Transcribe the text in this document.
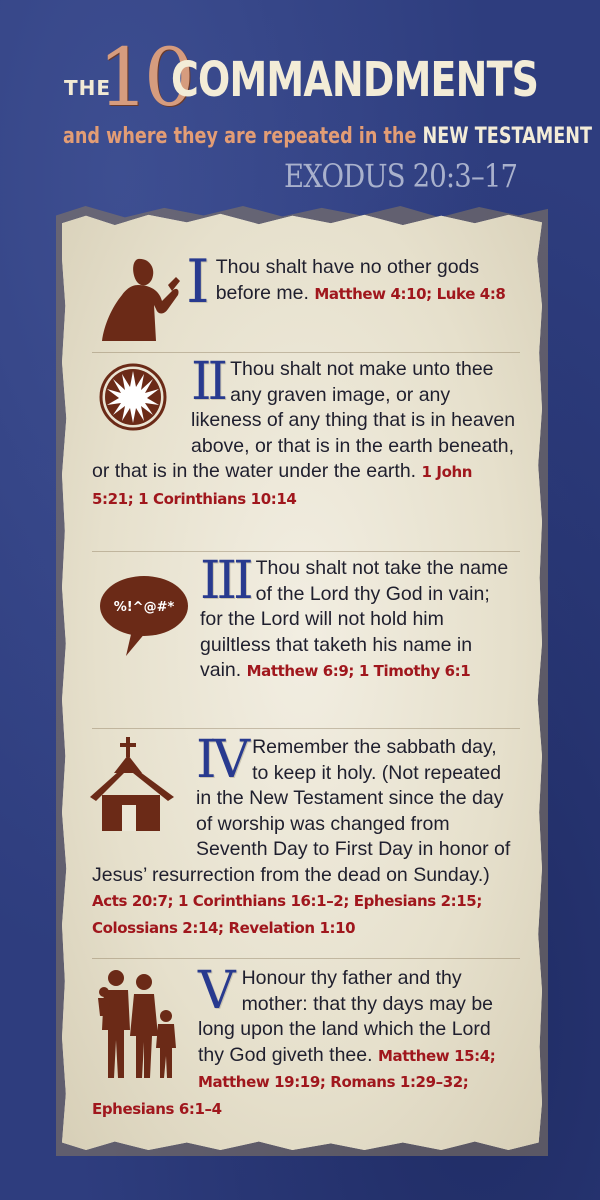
THE
10
COMMANDMENTS
and where they are repeated in the NEW TESTAMENT
EXODUS 20:3–17
I Thou shalt have no other gods before me. Matthew 4:10; Luke 4:8
II Thou shalt not make unto thee any graven image, or any likeness of any thing that is in heaven above, or that is in the earth beneath, or that is in the water under the earth. 1 John 5:21; 1 Corinthians 10:14
%!^@#* III Thou shalt not take the name of the Lord thy God in vain; for the Lord will not hold him guiltless that taketh his name in vain. Matthew 6:9; 1 Timothy 6:1
IV Remember the sabbath day, to keep it holy. (Not repeated in the New Testament since the day of worship was changed from Seventh Day to First Day in honor of Jesus’ resurrection from the dead on Sunday.) Acts 20:7; 1 Corinthians 16:1–2; Ephesians 2:15; Colossians 2:14; Revelation 1:10
V Honour thy father and thy mother: that thy days may be long upon the land which the Lord thy God giveth thee. Matthew 15:4; Matthew 19:19; Romans 1:29–32; Ephesians 6:1–4
